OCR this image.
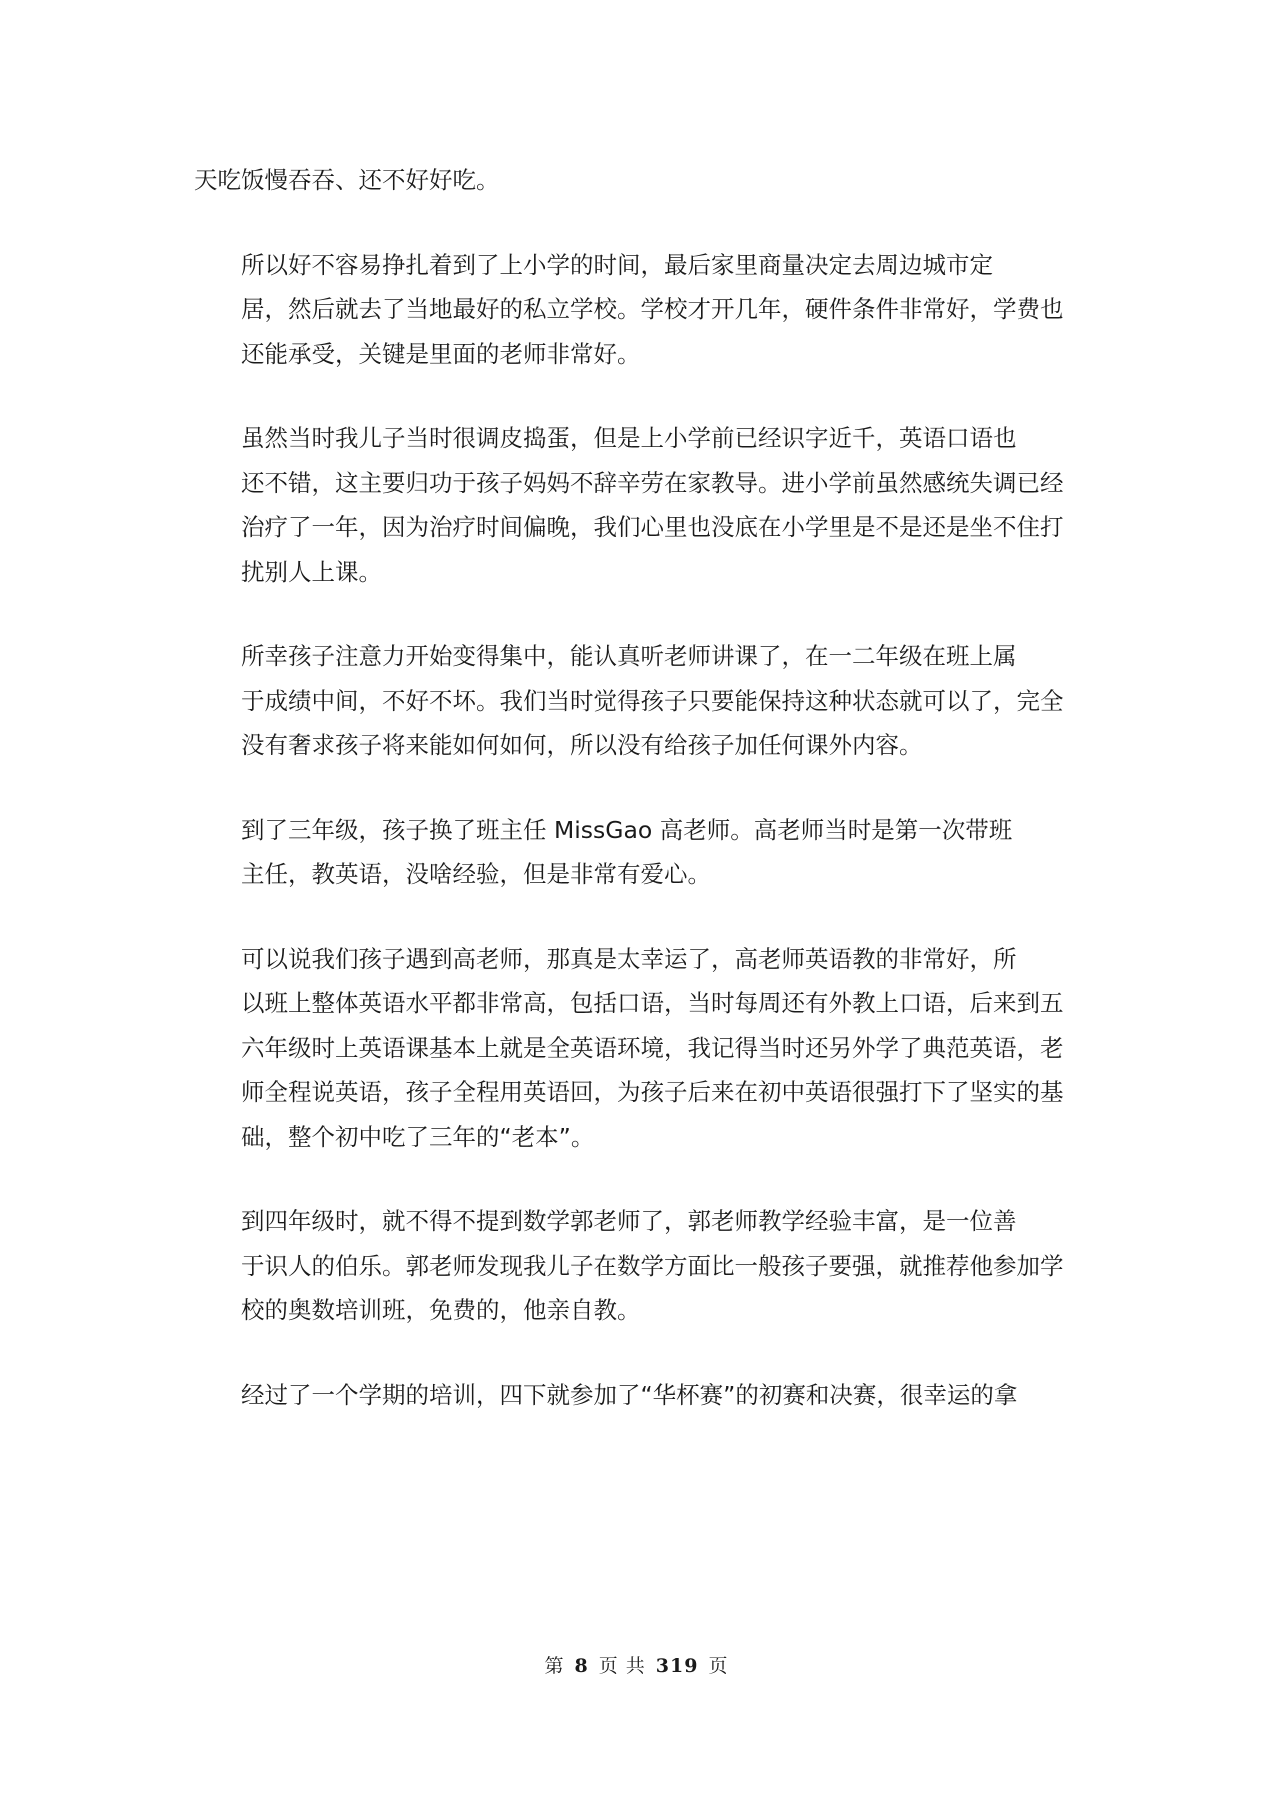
天吃饭慢吞吞、还不好好吃。

所以好不容易挣扎着到了上小学的时间，最后家里商量决定去周边城市定
居，然后就去了当地最好的私立学校。学校才开几年，硬件条件非常好，学费也
还能承受，关键是里面的老师非常好。

虽然当时我儿子当时很调皮捣蛋，但是上小学前已经识字近千，英语口语也
还不错，这主要归功于孩子妈妈不辞辛劳在家教导。进小学前虽然感统失调已经
治疗了一年，因为治疗时间偏晚，我们心里也没底在小学里是不是还是坐不住打
扰别人上课。

所幸孩子注意力开始变得集中，能认真听老师讲课了，在一二年级在班上属
于成绩中间，不好不坏。我们当时觉得孩子只要能保持这种状态就可以了，完全
没有奢求孩子将来能如何如何，所以没有给孩子加任何课外内容。

到了三年级，孩子换了班主任 MissGao 高老师。高老师当时是第一次带班
主任，教英语，没啥经验，但是非常有爱心。

可以说我们孩子遇到高老师，那真是太幸运了，高老师英语教的非常好，所
以班上整体英语水平都非常高，包括口语，当时每周还有外教上口语，后来到五
六年级时上英语课基本上就是全英语环境，我记得当时还另外学了典范英语，老
师全程说英语，孩子全程用英语回，为孩子后来在初中英语很强打下了坚实的基
础，整个初中吃了三年的“老本”。

到四年级时，就不得不提到数学郭老师了，郭老师教学经验丰富，是一位善
于识人的伯乐。郭老师发现我儿子在数学方面比一般孩子要强，就推荐他参加学
校的奥数培训班，免费的，他亲自教。

经过了一个学期的培训，四下就参加了“华杯赛”的初赛和决赛，很幸运的拿

第 8 页 共 319 页
